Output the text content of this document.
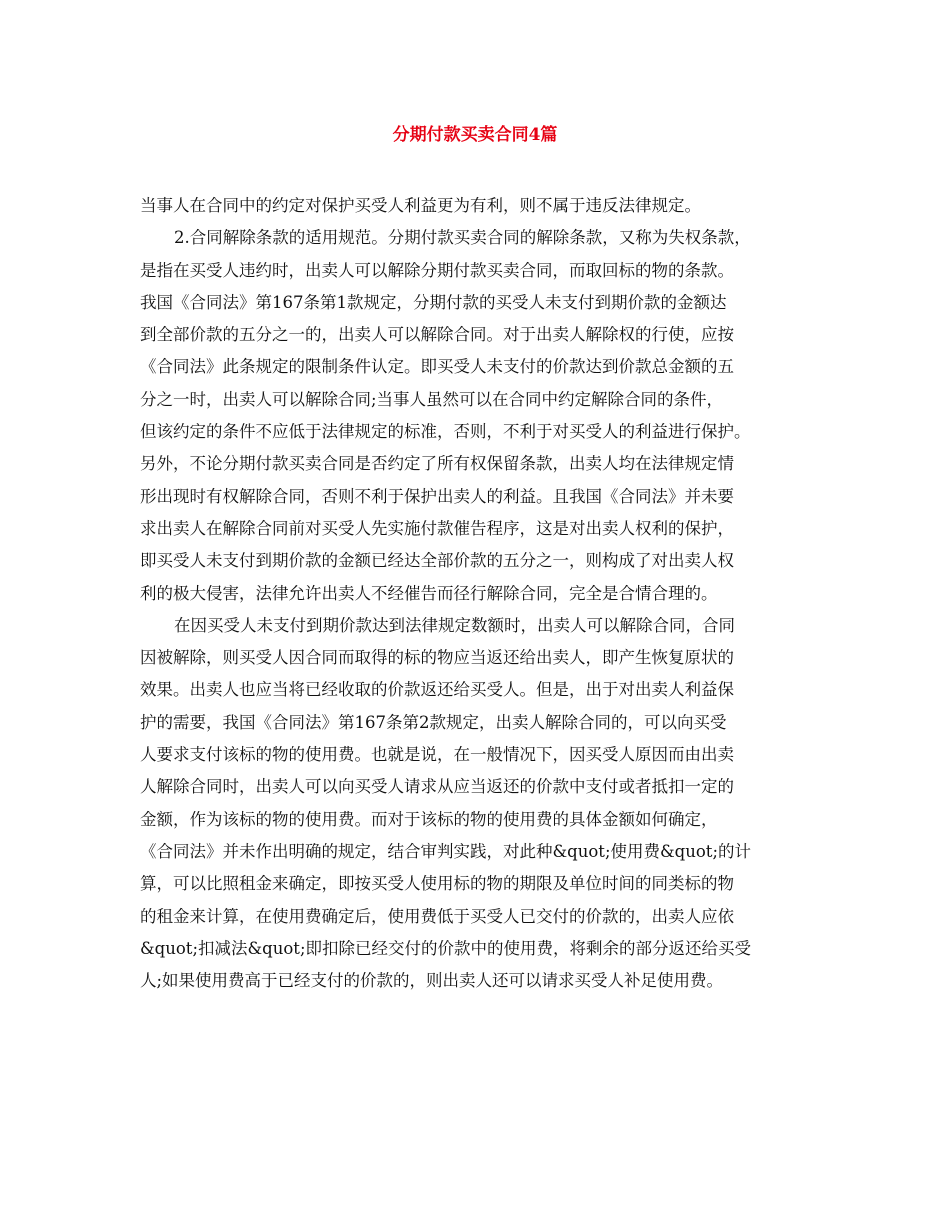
分期付款买卖合同4篇

当事人在合同中的约定对保护买受人利益更为有利，则不属于违反法律规定。

2.合同解除条款的适用规范。分期付款买卖合同的解除条款，又称为失权条款，

是指在买受人违约时，出卖人可以解除分期付款买卖合同，而取回标的物的条款。

我国《合同法》第167条第1款规定，分期付款的买受人未支付到期价款的金额达

到全部价款的五分之一的，出卖人可以解除合同。对于出卖人解除权的行使，应按

《合同法》此条规定的限制条件认定。即买受人未支付的价款达到价款总金额的五

分之一时，出卖人可以解除合同;当事人虽然可以在合同中约定解除合同的条件，

但该约定的条件不应低于法律规定的标准，否则，不利于对买受人的利益进行保护。

另外，不论分期付款买卖合同是否约定了所有权保留条款，出卖人均在法律规定情

形出现时有权解除合同，否则不利于保护出卖人的利益。且我国《合同法》并未要

求出卖人在解除合同前对买受人先实施付款催告程序，这是对出卖人权利的保护，

即买受人未支付到期价款的金额已经达全部价款的五分之一，则构成了对出卖人权

利的极大侵害，法律允许出卖人不经催告而径行解除合同，完全是合情合理的。

在因买受人未支付到期价款达到法律规定数额时，出卖人可以解除合同，合同

因被解除，则买受人因合同而取得的标的物应当返还给出卖人，即产生恢复原状的

效果。出卖人也应当将已经收取的价款返还给买受人。但是，出于对出卖人利益保

护的需要，我国《合同法》第167条第2款规定，出卖人解除合同的，可以向买受

人要求支付该标的物的使用费。也就是说，在一般情况下，因买受人原因而由出卖

人解除合同时，出卖人可以向买受人请求从应当返还的价款中支付或者抵扣一定的

金额，作为该标的物的使用费。而对于该标的物的使用费的具体金额如何确定，

《合同法》并未作出明确的规定，结合审判实践，对此种&quot;使用费&quot;的计

算，可以比照租金来确定，即按买受人使用标的物的期限及单位时间的同类标的物

的租金来计算，在使用费确定后，使用费低于买受人已交付的价款的，出卖人应依

&quot;扣减法&quot;即扣除已经交付的价款中的使用费，将剩余的部分返还给买受

人;如果使用费高于已经支付的价款的，则出卖人还可以请求买受人补足使用费。
